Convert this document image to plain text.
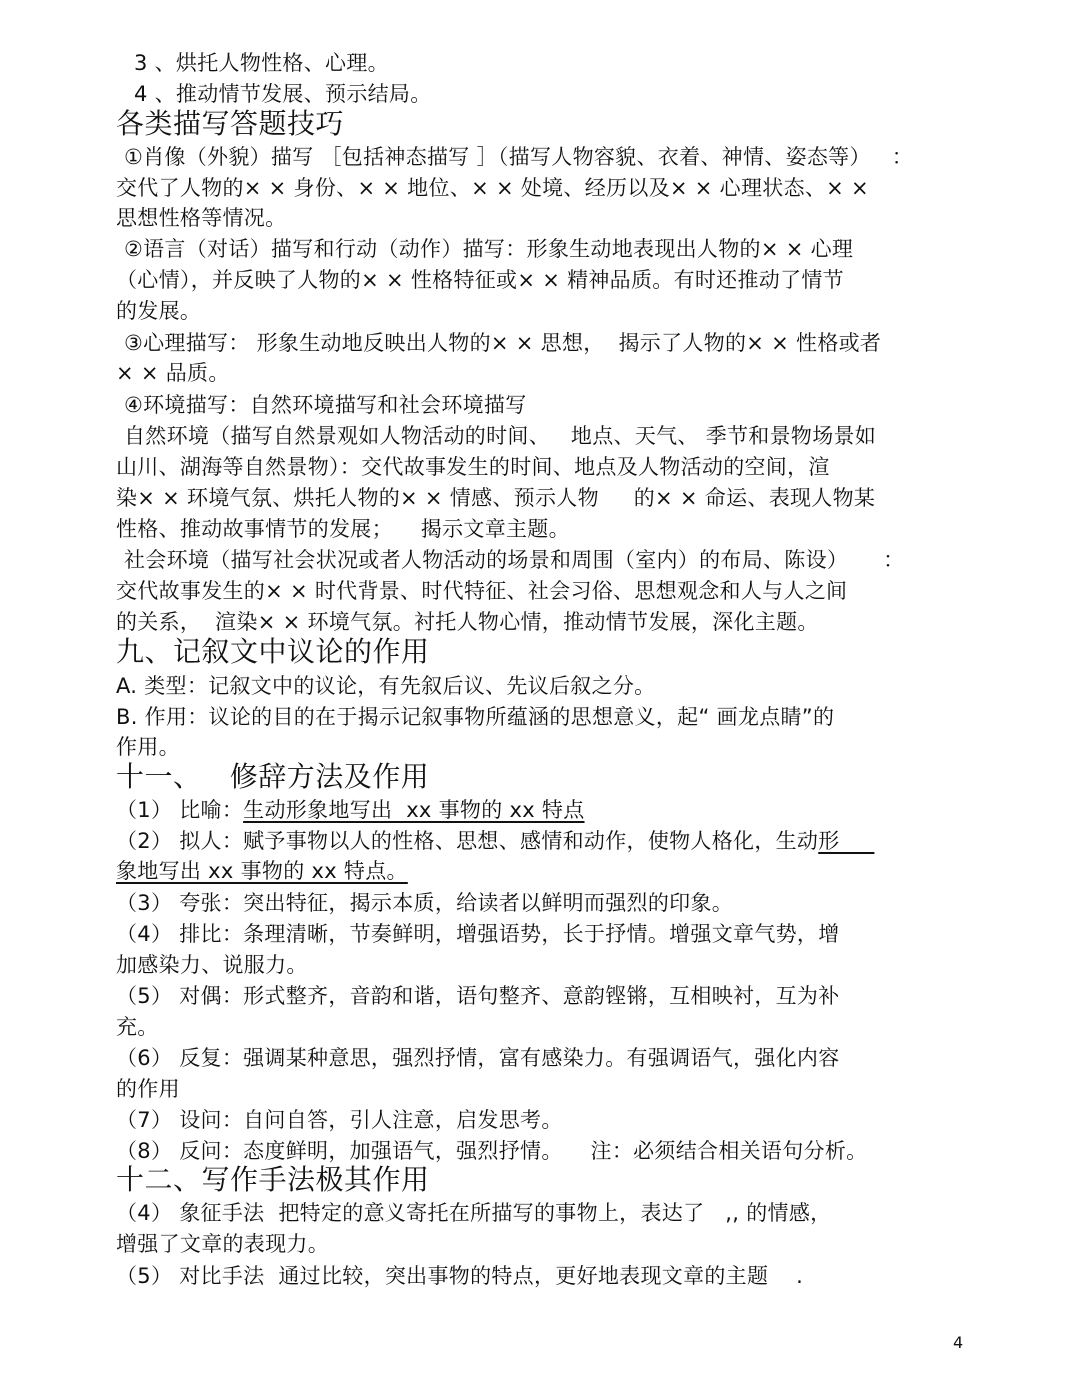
3 、烘托人物性格、心理。
4 、推动情节发展、预示结局。
各类描写答题技巧
①肖像（外貌）描写 ［包括神态描写 ］（描写人物容貌、衣着、神情、姿态等）   ：
交代了人物的× × 身份、× × 地位、× × 处境、经历以及× × 心理状态、× ×
思想性格等情况。
②语言（对话）描写和行动（动作）描写：形象生动地表现出人物的× × 心理
（心情），并反映了人物的× × 性格特征或× × 精神品质。有时还推动了情节
的发展。
③心理描写： 形象生动地反映出人物的× × 思想，  揭示了人物的× × 性格或者
× × 品质。
④环境描写：自然环境描写和社会环境描写
自然环境（描写自然景观如人物活动的时间、   地点、天气、 季节和景物场景如
山川、湖海等自然景物）：交代故事发生的时间、地点及人物活动的空间，渲
染× × 环境气氛、烘托人物的× × 情感、预示人物     的× × 命运、表现人物某
性格、推动故事情节的发展；    揭示文章主题。
社会环境（描写社会状况或者人物活动的场景和周围（室内）的布局、陈设）     ：
交代故事发生的× × 时代背景、时代特征、社会习俗、思想观念和人与人之间
的关系，  渲染× × 环境气氛。衬托人物心情，推动情节发展，深化主题。
九、记叙文中议论的作用
A. 类型：记叙文中的议论，有先叙后议、先议后叙之分。
B. 作用：议论的目的在于揭示记叙事物所蕴涵的思想意义，起“ 画龙点睛”的
作用。
十一、   修辞方法及作用
（1） 比喻：生动形象地写出  xx 事物的 xx 特点
（2） 拟人：赋予事物以人的性格、思想、感情和动作，使物人格化，生动形
象地写出 xx 事物的 xx 特点。
（3） 夸张：突出特征，揭示本质，给读者以鲜明而强烈的印象。
（4） 排比：条理清晰，节奏鲜明，增强语势，长于抒情。增强文章气势，增
加感染力、说服力。
（5） 对偶：形式整齐，音韵和谐，语句整齐、意韵铿锵，互相映衬，互为补
充。
（6） 反复：强调某种意思，强烈抒情，富有感染力。有强调语气，强化内容
的作用
（7） 设问：自问自答，引人注意，启发思考。
（8） 反问：态度鲜明，加强语气，强烈抒情。    注：必须结合相关语句分析。
十二、写作手法极其作用
（4） 象征手法  把特定的意义寄托在所描写的事物上，表达了   ,, 的情感，
增强了文章的表现力。
（5） 对比手法  通过比较，突出事物的特点，更好地表现文章的主题    .
4
